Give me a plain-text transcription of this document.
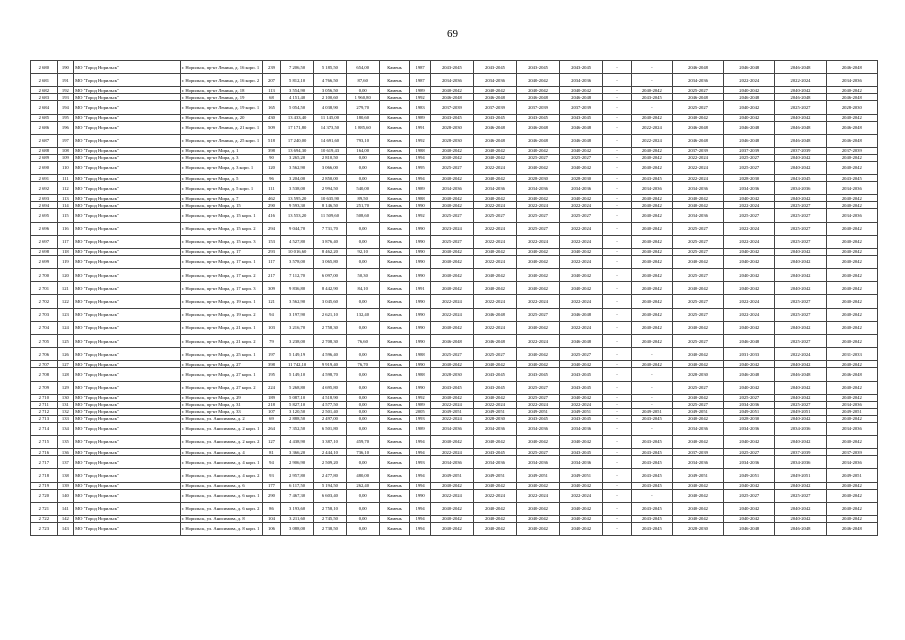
69
2 680	190	МО "Город Норильск"	г. Норильск, пр-кт Ленина, д. 16 корп. 1	239	7 206,50	5 185,50	654,00	Камень	1987	2043-2045	2043-2045	2043-2045	2043-2045	-	-	2046-2048	2046-2048	2046-2048	2046-2048
2 681	191	МО "Город Норильск"	г. Норильск, пр-кт Ленина, д. 16 корп. 2	207	5 812,10	4 766,50	87,60	Камень	1987	2034-2036	2034-2036	2040-2042	2034-2036	-	-	2034-2036	2022-2024	2022-2024	2034-2036
2 682	192	МО "Город Норильск"	г. Норильск, пр-кт Ленина, д. 18	113	3 554,90	3 056,50	0,00	Камень	1989	2040-2042	2040-2042	2040-2042	2040-2042	-	2040-2042	2025-2027	2040-2042	2040-2042	2040-2042
2 683	193	МО "Город Норильск"	г. Норильск, пр-кт Ленина, д. 19	68	4 151,40	2 100,60	1 960,80	Камень	1992	2046-2048	2046-2048	2046-2048	2046-2048	-	2043-2045	2046-2048	2046-2048	2046-2048	2046-2048
2 684	194	МО "Город Норильск"	г. Норильск, пр-кт Ленина, д. 19 корп. 1	165	5 054,50	4 038,90	279,70	Камень	1983	2037-2039	2037-2039	2037-2039	2037-2039	-	-	2025-2027	2040-2042	2025-2027	2028-2030
2 685	195	МО "Город Норильск"	г. Норильск, пр-кт Ленина, д. 20	430	13 433,40	11 145,00	180,60	Камень	1989	2043-2045	2043-2045	2043-2045	2043-2045	-	2040-2042	2040-2042	2040-2042	2040-2042	2040-2042
2 686	196	МО "Город Норильск"	г. Норильск, пр-кт Ленина, д. 21 корп. 1	509	17 171,80	14 373,50	1 885,60	Камень	1991	2028-2030	2046-2048	2046-2048	2046-2048	-	2022-2024	2046-2048	2046-2048	2046-2048	2046-2048
2 687	197	МО "Город Норильск"	г. Норильск, пр-кт Ленина, д. 25 корп. 1	518	17 240,00	14 691,60	793,10	Камень	1992	2028-2030	2046-2048	2046-2048	2046-2048	-	2022-2024	2046-2048	2046-2048	2046-2048	2046-2048
2 688	108	МО "Город Норильск"	г. Норильск, пр-кт Мира, д. 1	398	13 694,30	10 619,43	164,00	Камень	1988	2040-2042	2040-2042	2040-2042	2040-2042	-	2040-2042	2037-2039	2037-2039	2037-2039	2037-2039
2 689	109	МО "Город Норильск"	г. Норильск, пр-кт Мира, д. 3	90	3 265,20	2 810,50	0,00	Камень	1994	2040-2042	2040-2042	2025-2027	2025-2027	-	2040-2042	2022-2024	2025-2027	2040-2042	2040-2042
2 690	110	МО "Город Норильск"	г. Норильск, пр-кт Мира, д. 3 корп. 1	120	3 562,90	3 066,00	0,00	Камень	1995	2025-2027	2022-2024	2040-2042	2040-2042	-	2040-2042	2022-2024	2025-2027	2040-2042	2040-2042
2 691	111	МО "Город Норильск"	г. Норильск, пр-кт Мира, д. 5	96	3 204,00	2 850,00	0,00	Камень	1994	2040-2042	2040-2042	2028-2030	2028-2030	-	2043-2045	2022-2024	2028-2030	2043-2045	2043-2045
2 692	112	МО "Город Норильск"	г. Норильск, пр-кт Мира, д. 5 корп. 1	111	3 538,00	2 994,50	540,00	Камень	1989	2034-2036	2034-2036	2034-2036	2034-2036	-	2034-2036	2034-2036	2034-2036	2034-2036	2034-2036
2 693	113	МО "Город Норильск"	г. Норильск, пр-кт Мира, д. 7	462	13 595,20	10 635,90	89,50	Камень	1988	2040-2042	2040-2042	2040-2042	2040-2042	-	2040-2042	2040-2042	2040-2042	2040-2042	2040-2042
2 694	114	МО "Город Норильск"	г. Норильск, пр-кт Мира, д. 15	290	9 593,30	8 146,50	251,70	Камень	1990	2040-2042	2022-2024	2022-2024	2022-2024	-	2040-2042	2040-2042	2022-2024	2025-2027	2040-2042
2 695	115	МО "Город Норильск"	г. Норильск, пр-кт Мира, д. 15 корп. 1	416	13 553,20	11 509,60	508,60	Камень	1992	2025-2027	2025-2027	2025-2027	2025-2027	-	2040-2042	2034-2036	2025-2027	2025-2027	2034-2036
2 696	116	МО "Город Норильск"	г. Норильск, пр-кт Мира, д. 15 корп. 2	294	9 044,70	7 731,70	0,00	Камень	1990	2023-2024	2022-2024	2025-2027	2022-2024	-	2040-2042	2025-2027	2022-2024	2025-2027	2040-2042
2 697	117	МО "Город Норильск"	г. Норильск, пр-кт Мира, д. 15 корп. 3	153	4 527,80	3 876,40	0,00	Камень	1990	2025-2027	2022-2024	2022-2024	2022-2024	-	2040-2042	2025-2027	2022-2024	2025-2027	2040-2042
2 698	118	МО "Город Норильск"	г. Норильск, пр-кт Мира, д. 17	293	10 016,60	8 462,20	92,10	Камень	1990	2040-2042	2040-2042	2040-2042	2040-2042	-	2040-2042	2025-2027	2040-2042	2040-2042	2040-2042
2 699	119	МО "Город Норильск"	г. Норильск, пр-кт Мира, д. 17 корп. 1	117	3 578,00	3 065,80	0,00	Камень	1990	2040-2042	2022-2024	2040-2042	2022-2024	-	2040-2042	2040-2042	2040-2042	2040-2042	2040-2042
2 700	120	МО "Город Норильск"	г. Норильск, пр-кт Мира, д. 17 корп. 2	217	7 112,70	6 097,00	50,30	Камень	1990	2040-2042	2040-2042	2040-2042	2040-2042	-	2040-2042	2025-2027	2040-2042	2040-2042	2040-2042
2 701	121	МО "Город Норильск"	г. Норильск, пр-кт Мира, д. 17 корп. 3	309	9 836,80	8 442,90	84,10	Камень	1991	2040-2042	2040-2042	2040-2042	2040-2042	-	2040-2042	2040-2042	2040-2042	2040-2042	2040-2042
2 702	122	МО "Город Норильск"	г. Норильск, пр-кт Мира, д. 19 корп. 1	121	3 562,90	3 045,60	0,00	Камень	1990	2022-2024	2022-2024	2022-2024	2022-2024	-	2040-2042	2025-2027	2022-2024	2025-2027	2040-2042
2 703	123	МО "Город Норильск"	г. Норильск, пр-кт Мира, д. 19 корп. 2	94	3 197,90	2 621,10	132,40	Камень	1990	2022-2024	2046-2048	2025-2027	2046-2048	-	2040-2042	2025-2027	2022-2024	2025-2027	2040-2042
2 704	124	МО "Город Норильск"	г. Норильск, пр-кт Мира, д. 21 корп. 1	103	3 216,70	2 758,30	0,00	Камень	1990	2040-2042	2022-2024	2040-2042	2022-2024	-	2040-2042	2040-2042	2040-2042	2040-2042	2040-2042
2 705	125	МО "Город Норильск"	г. Норильск, пр-кт Мира, д. 21 корп. 2	79	3 238,00	2 708,30	76,60	Камень	1990	2046-2048	2046-2048	2022-2024	2046-2048	-	2040-2042	2025-2027	2046-2048	2025-2027	2040-2042
2 706	126	МО "Город Норильск"	г. Норильск, пр-кт Мира, д. 25 корп. 1	197	5 149,19	4 596,40	0,00	Камень	1988	2025-2027	2025-2027	2040-2042	2025-2027	-	-	2040-2042	2031-2033	2022-2024	2031-2033
2 707	127	МО "Город Норильск"	г. Норильск, пр-кт Мира, д. 27	398	11 742,10	9 919,40	76,70	Камень	1990	2040-2042	2040-2042	2040-2042	2040-2042	-	2040-2042	2040-2042	2040-2042	2040-2042	2040-2042
2 708	128	МО "Город Норильск"	г. Норильск, пр-кт Мира, д. 27 корп. 1	195	5 149,10	4 598,70	0,00	Камень	1988	2028-2030	2043-2045	2043-2045	2043-2045	-	-	2028-2030	2046-2048	2046-2048	2046-2048
2 709	129	МО "Город Норильск"	г. Норильск, пр-кт Мира, д. 27 корп. 2	224	5 268,80	4 695,80	0,00	Камень	1990	2043-2045	2043-2045	2025-2027	2043-2045	-	-	2025-2027	2040-2042	2040-2042	2040-2042
2 710	130	МО "Город Норильск"	г. Норильск, пр-кт Мира, д. 29	189	5 087,10	4 518,90	0,00	Камень	1992	2040-2042	2040-2042	2025-2027	2040-2042	-	-	2040-2042	2025-2027	2040-2042	2040-2042
2 711	131	МО "Город Норильск"	г. Норильск, пр-кт Мира, д. 31	218	5 827,10	4 577,50	0,00	Камень	1989	2022-2024	2022-2024	2022-2024	2022-2024	-	-	2025-2027	2034-2036	2025-2027	2034-2036
2 712	132	МО "Город Норильск"	г. Норильск, пр-кт Мира, д. 33	107	3 120,50	2 501,40	0,00	Камень	2005	2049-2051	2049-2051	2049-2051	2049-2051	-	2049-2051	2049-2051	2049-2051	2049-2051	2049-2051
2 713	133	МО "Город Норильск"	г. Норильск, ул. Анисимова, д. 2	69	2 888,50	2 497,00	0,00	Камень	1993	2022-2024	2028-2030	2043-2045	2043-2045	-	2043-2045	2040-2042	2028-2030	2040-2042	2040-2042
2 714	134	МО "Город Норильск"	г. Норильск, ул. Анисимова, д. 2 корп. 1	264	7 352,50	6 501,80	0,00	Камень	1989	2034-2036	2034-2036	2034-2036	2034-2036	-	-	2034-2036	2034-2036	2034-2036	2034-2036
2 715	135	МО "Город Норильск"	г. Норильск, ул. Анисимова, д. 2 корп. 2	127	4 438,90	3 387,10	459,70	Камень	1994	2040-2042	2040-2042	2040-2042	2040-2042	-	2043-2045	2040-2042	2040-2042	2040-2042	2040-2042
2 716	136	МО "Город Норильск"	г. Норильск, ул. Анисимова, д. 4	81	3 366,20	2 444,10	736,10	Камень	1994	2022-2024	2043-2045	2025-2027	2043-2045	-	2043-2045	2037-2039	2025-2027	2037-2039	2037-2039
2 717	137	МО "Город Норильск"	г. Норильск, ул. Анисимова, д. 4 корп. 1	94	2 906,90	2 509,20	0,00	Камень	1993	2034-2036	2034-2036	2034-2036	2034-2036	-	2043-2045	2034-2036	2034-2036	2034-2036	2034-2036
2 718	138	МО "Город Норильск"	г. Норильск, ул. Анисимова, д. 4 корп. 2	93	2 957,80	2 477,80	480,00	Камень	1994	2049-2051	2049-2051	2049-2051	2049-2051	-	2043-2045	2049-2051	2049-2051	2049-2051	2049-2051
2 719	139	МО "Город Норильск"	г. Норильск, ул. Анисимова, д. 6	177	6 117,50	5 194,50	262,40	Камень	1994	2040-2042	2040-2042	2040-2042	2040-2042	-	2043-2045	2040-2042	2040-2042	2040-2042	2040-2042
2 720	140	МО "Город Норильск"	г. Норильск, ул. Анисимова, д. 6 корп. 1	290	7 467,30	6 603,40	0,00	Камень	1990	2022-2024	2022-2024	2022-2024	2022-2024	-	-	2040-2042	2025-2027	2025-2027	2040-2042
2 721	141	МО "Город Норильск"	г. Норильск, ул. Анисимова, д. 6 корп. 2	86	3 193,60	2 758,10	0,00	Камень	1994	2040-2042	2040-2042	2040-2042	2040-2042	-	2043-2045	2040-2042	2040-2042	2040-2042	2040-2042
2 722	142	МО "Город Норильск"	г. Норильск, ул. Анисимова, д. 8	104	3 211,60	2 745,50	0,00	Камень	1994	2040-2042	2040-2042	2040-2042	2040-2042	-	2043-2045	2040-2042	2040-2042	2040-2042	2040-2042
2 723	143	МО "Город Норильск"	г. Норильск, ул. Анисимова, д. 8 корп. 1	106	3 088,00	2 738,50	0,00	Камень	1994	2040-2042	2040-2042	2040-2042	2040-2042	-	2043-2045	2028-2030	2046-2048	2046-2048	2046-2048
